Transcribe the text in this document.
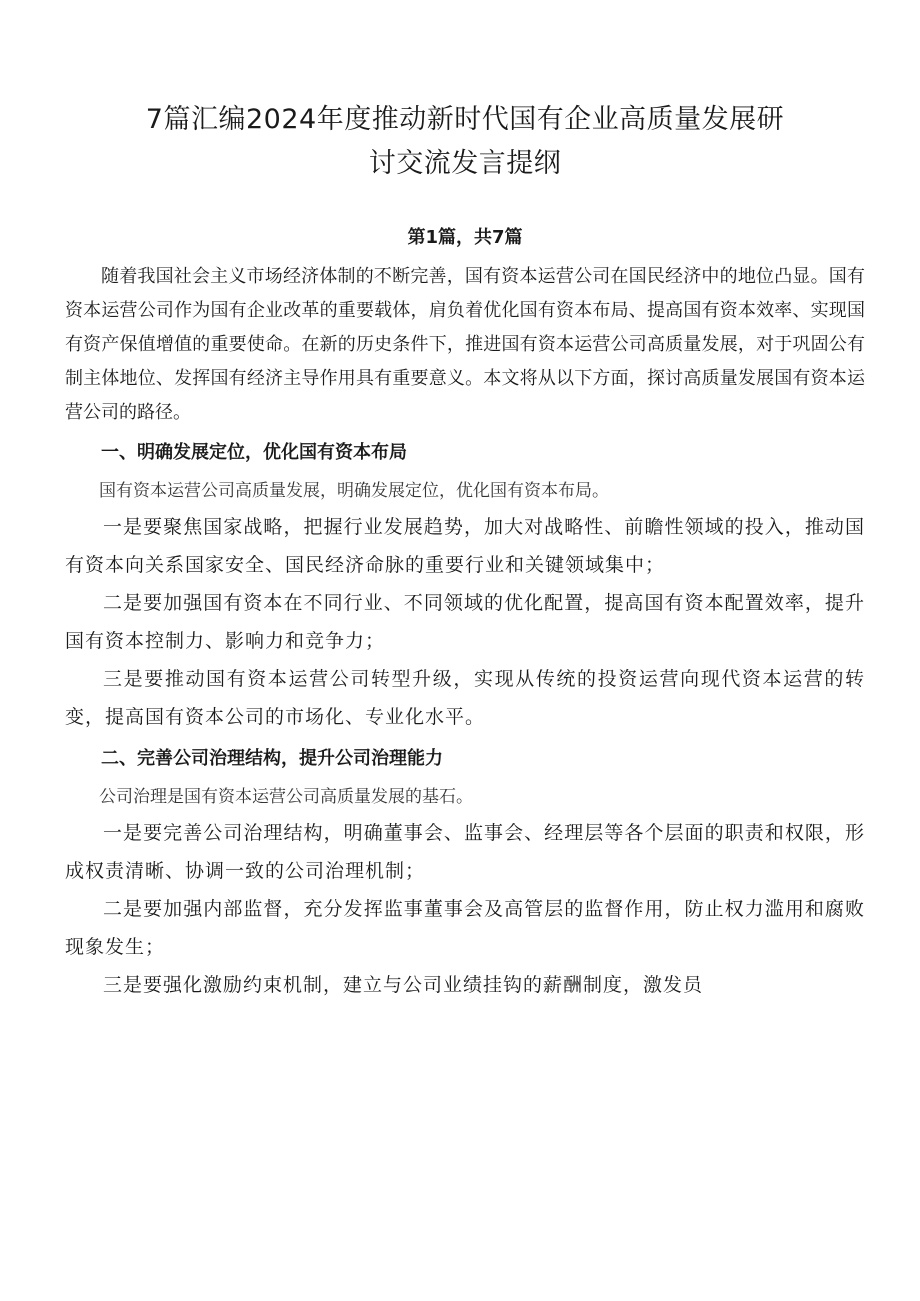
7篇汇编2024年度推动新时代国有企业高质量发展研
讨交流发言提纲
第1篇，共7篇

随着我国社会主义市场经济体制的不断完善，国有资本运营公司在国民经济中的地位凸显。国有资本运营公司作为国有企业改革的重要载体，肩负着优化国有资本布局、提高国有资本效率、实现国有资产保值增值的重要使命。在新的历史条件下，推进国有资本运营公司高质量发展，对于巩固公有制主体地位、发挥国有经济主导作用具有重要意义。本文将从以下方面，探讨高质量发展国有资本运营公司的路径。

一、明确发展定位，优化国有资本布局

国有资本运营公司高质量发展，明确发展定位，优化国有资本布局。

一是要聚焦国家战略，把握行业发展趋势，加大对战略性、前瞻性领域的投入，推动国有资本向关系国家安全、国民经济命脉的重要行业和关键领域集中；

二是要加强国有资本在不同行业、不同领域的优化配置，提高国有资本配置效率，提升国有资本控制力、影响力和竞争力；

三是要推动国有资本运营公司转型升级，实现从传统的投资运营向现代资本运营的转变，提高国有资本公司的市场化、专业化水平。

二、完善公司治理结构，提升公司治理能力

公司治理是国有资本运营公司高质量发展的基石。

一是要完善公司治理结构，明确董事会、监事会、经理层等各个层面的职责和权限，形成权责清晰、协调一致的公司治理机制；

二是要加强内部监督，充分发挥监事董事会及高管层的监督作用，防止权力滥用和腐败现象发生；

三是要强化激励约束机制，建立与公司业绩挂钩的薪酬制度，激发员
